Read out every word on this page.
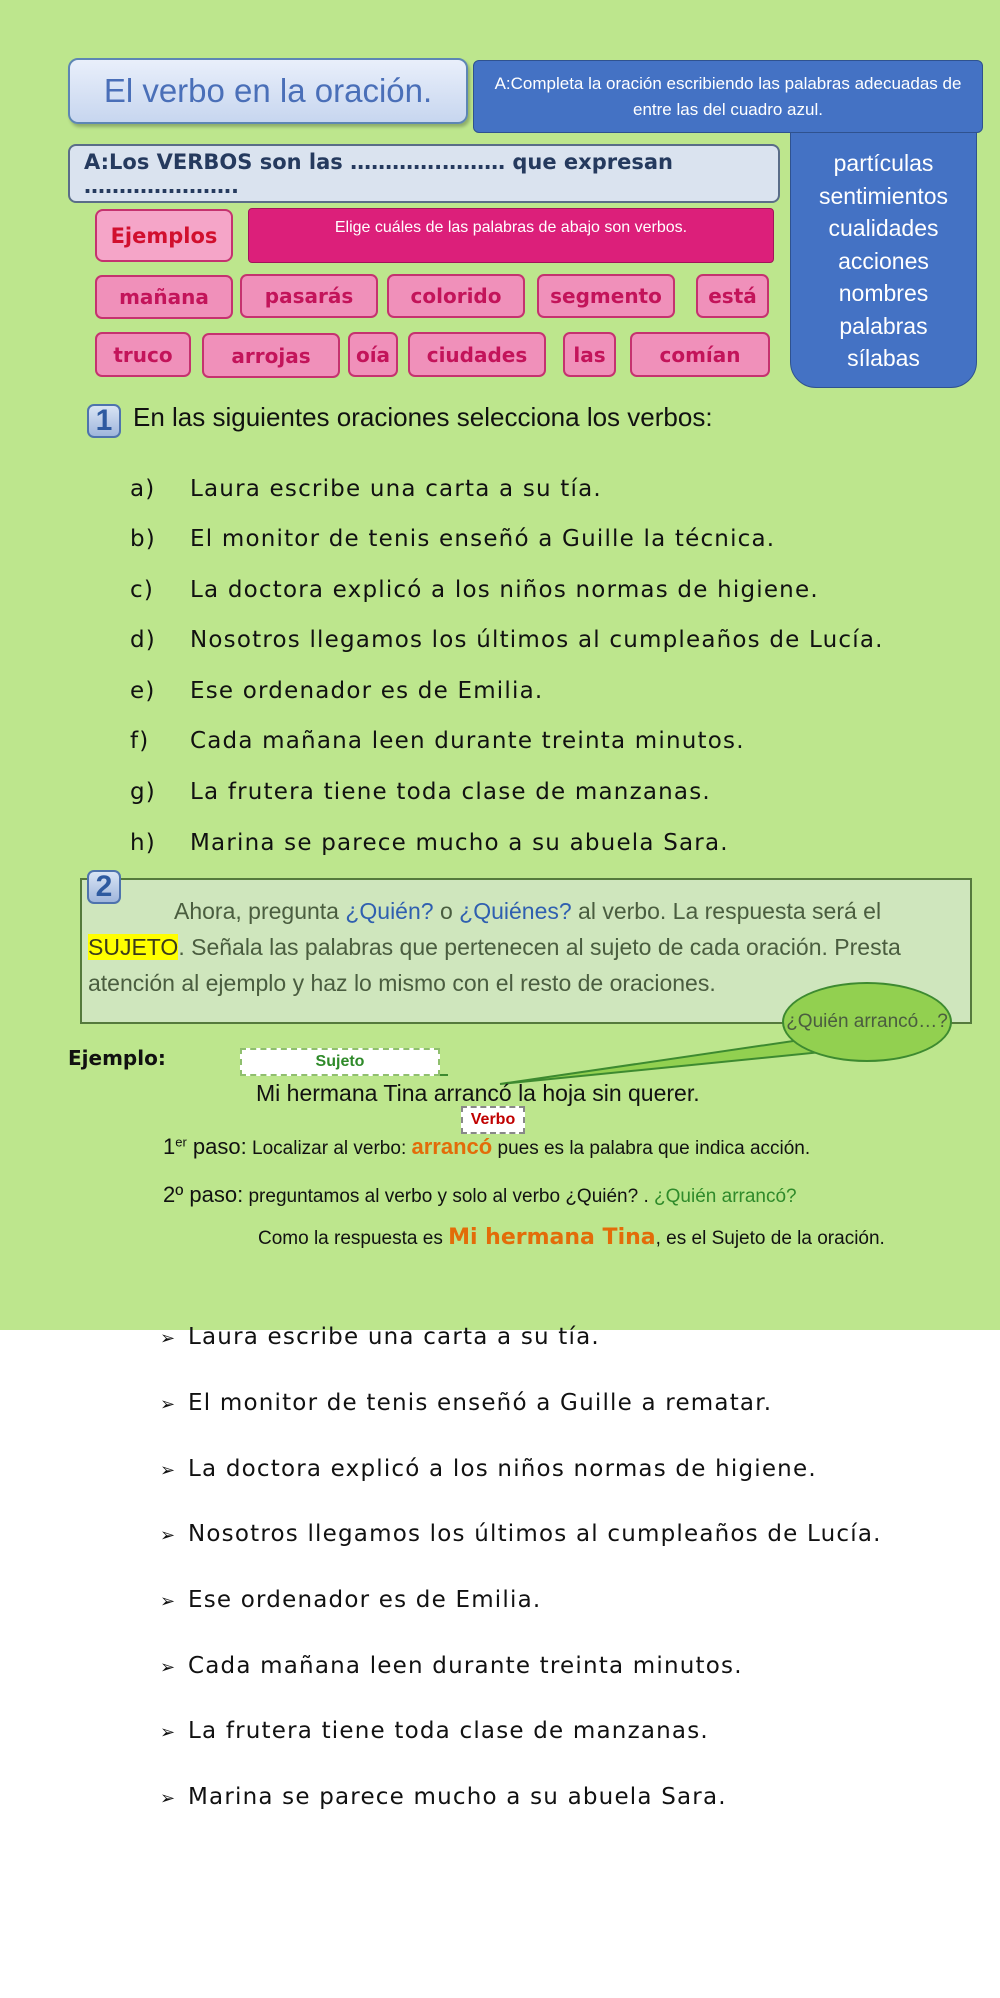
El verbo en la oración.	A:Completa la oración escribiendo las palabras adecuadas de entre las del cuadro azul.
A:Los VERBOS son las ………….……… que expresan ………………….
partículas
sentimientos
cualidades
acciones
nombres
palabras
sílabas
Ejemplos	Elige cuáles de las palabras de abajo son verbos.
mañana	pasarás	colorido	segmento	está
truco	arrojas	oía	ciudades	las	comían
1 En las siguientes oraciones selecciona los verbos:
a) Laura escribe una carta a su tía.
b) El monitor de tenis enseñó a Guille la técnica.
c) La doctora explicó a los niños normas de higiene.
d) Nosotros llegamos los últimos al cumpleaños de Lucía.
e) Ese ordenador es de Emilia.
f) Cada mañana leen durante treinta minutos.
g) La frutera tiene toda clase de manzanas.
h) Marina se parece mucho a su abuela Sara.
2
Ahora, pregunta ¿Quién? o ¿Quiénes? al verbo. La respuesta será el SUJETO. Señala las palabras que pertenecen al sujeto de cada oración. Presta atención al ejemplo y haz lo mismo con el resto de oraciones.
¿Quién arrancó…?
Ejemplo:	Sujeto
Mi hermana Tina arrancó la hoja sin querer.
Verbo
1er paso: Localizar al verbo: arrancó pues es la palabra que indica acción.
2º paso: preguntamos al verbo y solo al verbo ¿Quién? . ¿Quién arrancó?
Como la respuesta es Mi hermana Tina, es el Sujeto de la oración.
➢ Laura escribe una carta a su tía.
➢ El monitor de tenis enseñó a Guille a rematar.
➢ La doctora explicó a los niños normas de higiene.
➢ Nosotros llegamos los últimos al cumpleaños de Lucía.
➢ Ese ordenador es de Emilia.
➢ Cada mañana leen durante treinta minutos.
➢ La frutera tiene toda clase de manzanas.
➢ Marina se parece mucho a su abuela Sara.
